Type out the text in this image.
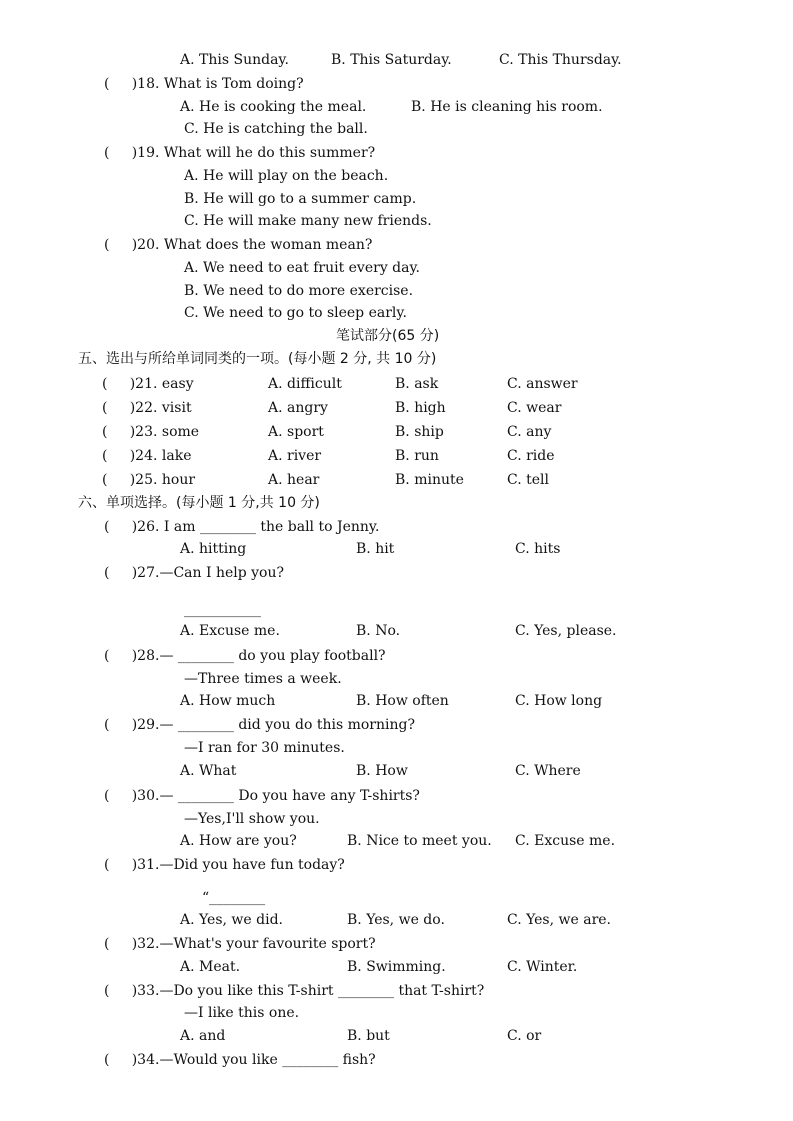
A. This Sunday.	B. This Saturday.	C. This Thursday.
(     )18. What is Tom doing?
A. He is cooking the meal.	B. He is cleaning his room.
C. He is catching the ball.
(     )19. What will he do this summer?
A. He will play on the beach.
B. He will go to a summer camp.
C. He will make many new friends.
(     )20. What does the woman mean?
A. We need to eat fruit every day.
B. We need to do more exercise.
C. We need to go to sleep early.
笔试部分(65 分)
五、选出与所给单词同类的一项。(每小题 2 分, 共 10 分)
(     )21. easy	A. difficult	B. ask	C. answer
(     )22. visit	A. angry	B. high	C. wear
(     )23. some	A. sport	B. ship	C. any
(     )24. lake	A. river	B. run	C. ride
(     )25. hour	A. hear	B. minute	C. tell
六、单项选择。(每小题 1 分,共 10 分)
(     )26. I am ________ the ball to Jenny.
A. hitting	B. hit	C. hits
(     )27.—Can I help you?
___________
A. Excuse me.	B. No.	C. Yes, please.
(     )28.— ________ do you play football?
—Three times a week.
A. How much	B. How often	C. How long
(     )29.— ________ did you do this morning?
—I ran for 30 minutes.
A. What	B. How	C. Where
(     )30.— ________ Do you have any T-shirts?
—Yes,I'll show you.
A. How are you?	B. Nice to meet you. C. Excuse me.
(     )31.—Did you have fun today?
“________
A. Yes, we did.	B. Yes, we do.	C. Yes, we are.
(     )32.—What's your favourite sport?
A. Meat.	B. Swimming.	C. Winter.
(     )33.—Do you like this T-shirt ________ that T-shirt?
—I like this one.
A. and	B. but	C. or
(     )34.—Would you like ________ fish?
